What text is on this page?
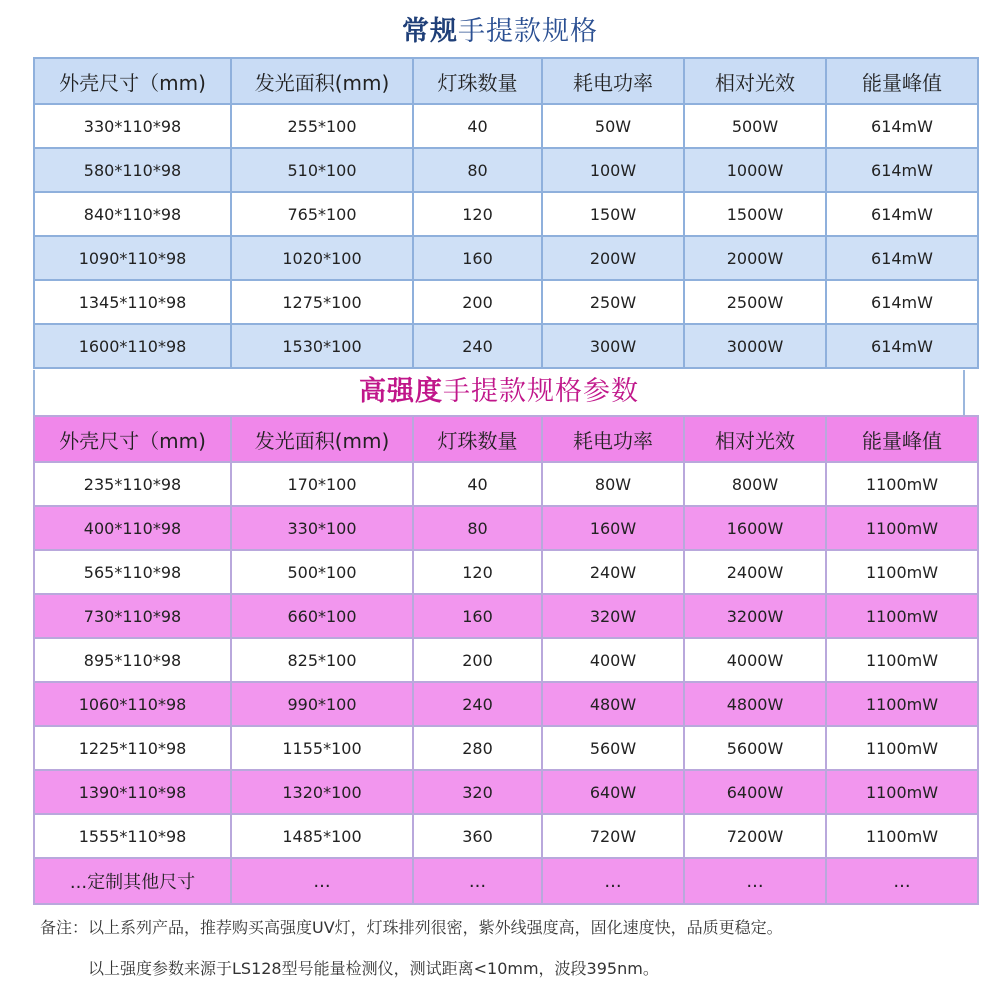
常规手提款规格
外壳尺寸（mm)	发光面积(mm)	灯珠数量	耗电功率	相对光效	能量峰值
330*110*98	255*100	40	50W	500W	614mW
580*110*98	510*100	80	100W	1000W	614mW
840*110*98	765*100	120	150W	1500W	614mW
1090*110*98	1020*100	160	200W	2000W	614mW
1345*110*98	1275*100	200	250W	2500W	614mW
1600*110*98	1530*100	240	300W	3000W	614mW
高强度手提款规格参数
外壳尺寸（mm)	发光面积(mm)	灯珠数量	耗电功率	相对光效	能量峰值
235*110*98	170*100	40	80W	800W	1100mW
400*110*98	330*100	80	160W	1600W	1100mW
565*110*98	500*100	120	240W	2400W	1100mW
730*110*98	660*100	160	320W	3200W	1100mW
895*110*98	825*100	200	400W	4000W	1100mW
1060*110*98	990*100	240	480W	4800W	1100mW
1225*110*98	1155*100	280	560W	5600W	1100mW
1390*110*98	1320*100	320	640W	6400W	1100mW
1555*110*98	1485*100	360	720W	7200W	1100mW
...定制其他尺寸	...	...	...	...	...
备注：以上系列产品，推荐购买高强度UV灯，灯珠排列很密，紫外线强度高，固化速度快，品质更稳定。
以上强度参数来源于LS128型号能量检测仪，测试距离<10mm，波段395nm。
